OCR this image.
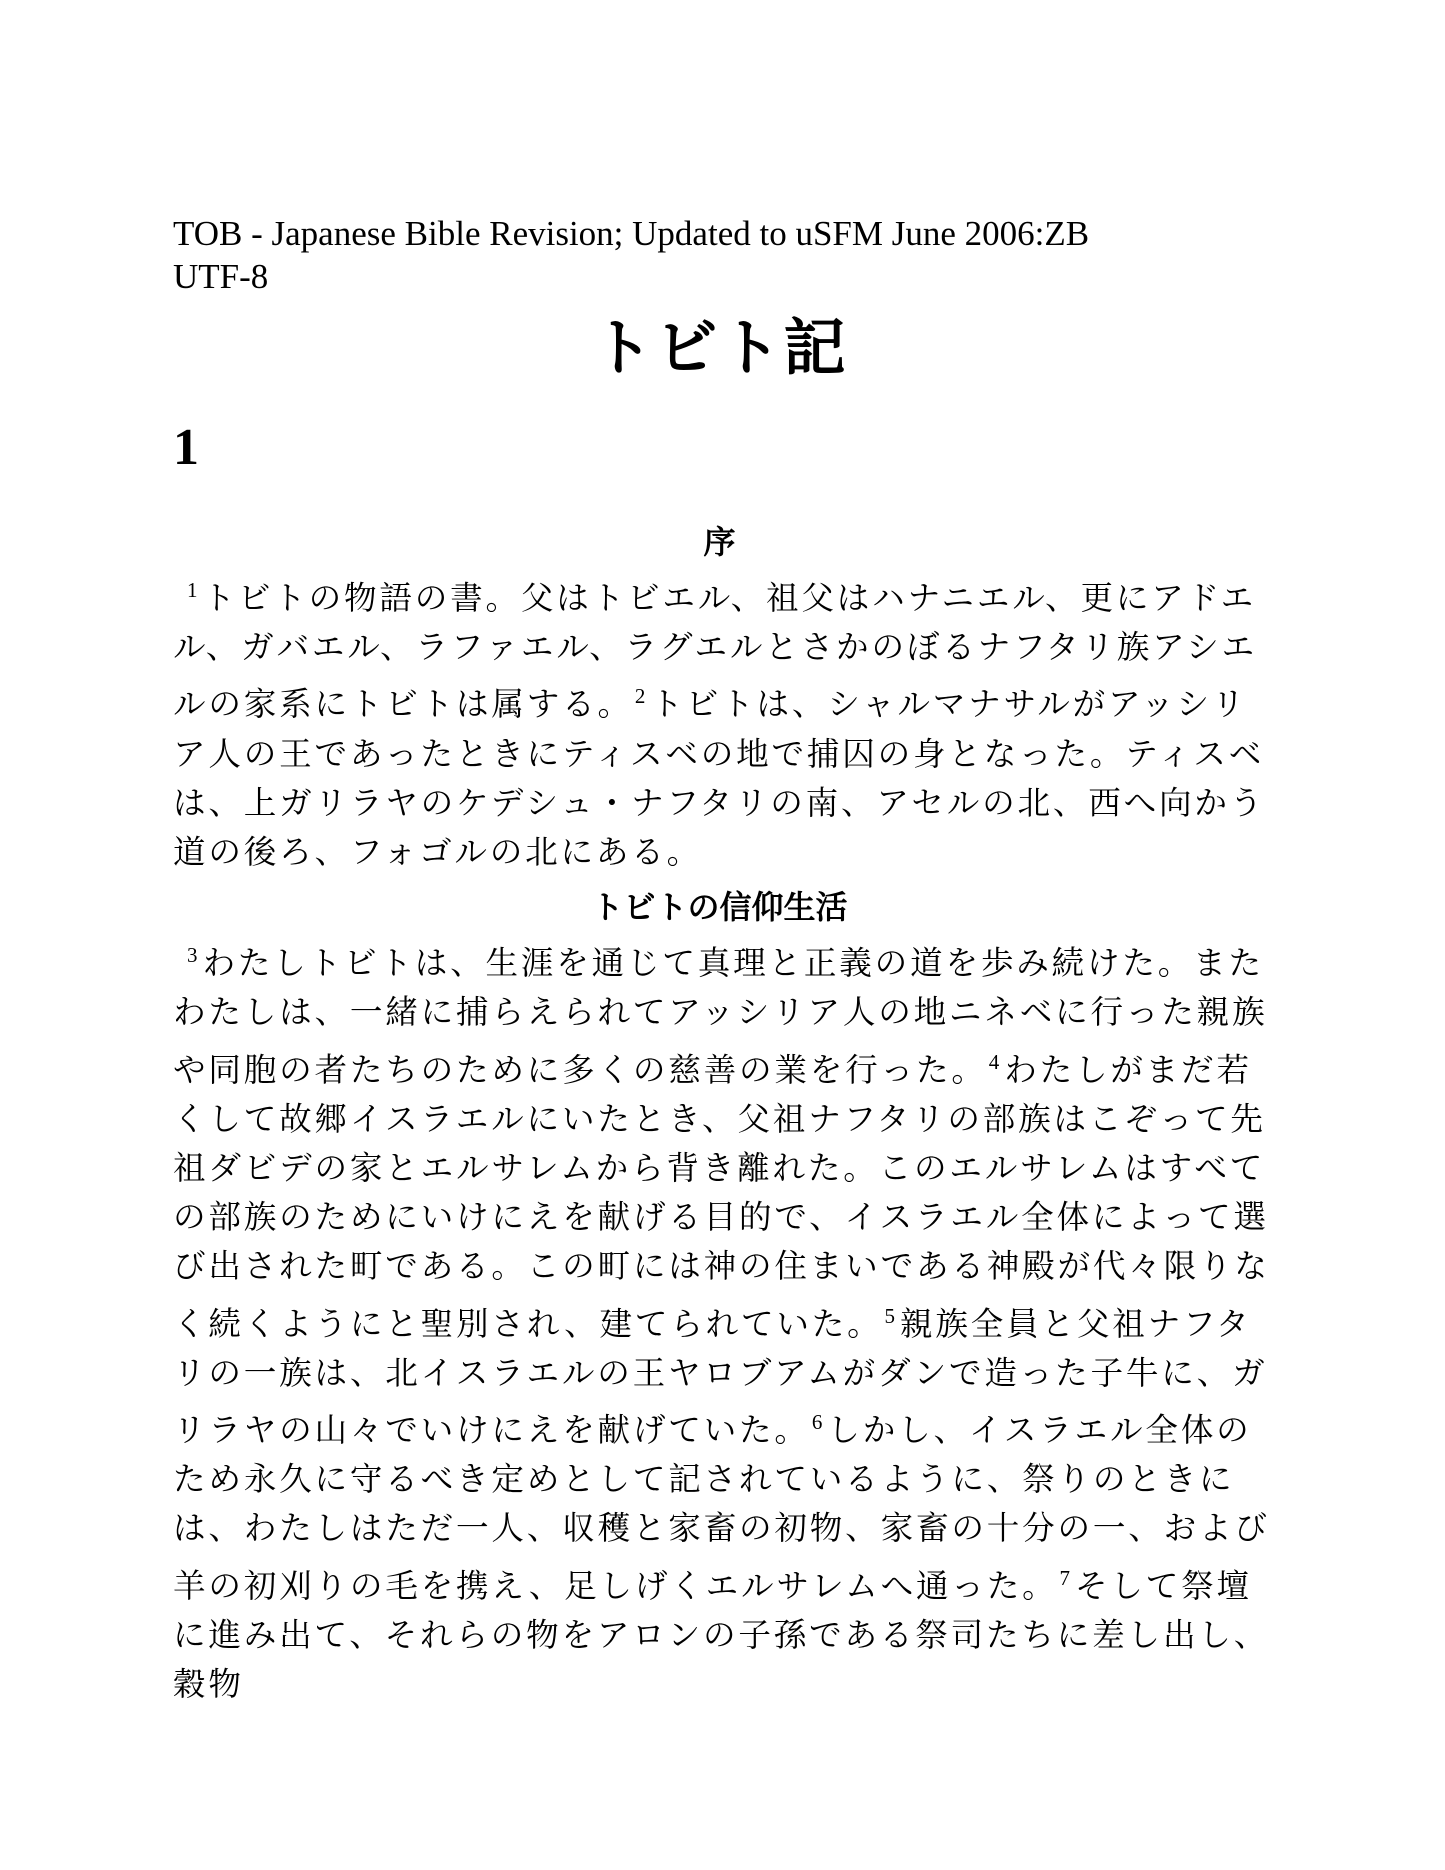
TOB - Japanese Bible Revision; Updated to uSFM June 2006:ZB
UTF-8

トビト記
1
序

$^1$ トビトの物語の書。父はトビエル、祖父はハナニエル、更にアドエル、ガバエル、ラファエル、ラグエルとさかのぼるナフタリ族アシエルの家系にトビトは属する。$^2$ トビトは、シャルマナサルがアッシリア人の王であったときにティスベの地で捕囚の身となった。ティスベは、上ガリラヤのケデシュ・ナフタリの南、アセルの北、西へ向かう道の後ろ、フォゴルの北にある。

トビトの信仰生活

$^3$ わたしトビトは、生涯を通じて真理と正義の道を歩み続けた。またわたしは、一緒に捕らえられてアッシリア人の地ニネベに行った親族や同胞の者たちのために多くの慈善の業を行った。$^4$ わたしがまだ若くして故郷イスラエルにいたとき、父祖ナフタリの部族はこぞって先祖ダビデの家とエルサレムから背き離れた。このエルサレムはすべての部族のためにいけにえを献げる目的で、イスラエル全体によって選び出された町である。この町には神の住まいである神殿が代々限りなく続くようにと聖別され、建てられていた。$^5$ 親族全員と父祖ナフタリの一族は、北イスラエルの王ヤロブアムがダンで造った子牛に、ガリラヤの山々でいけにえを献げていた。$^6$ しかし、イスラエル全体のため永久に守るべき定めとして記されているように、祭りのときには、わたしはただ一人、収穫と家畜の初物、家畜の十分の一、および羊の初刈りの毛を携え、足しげくエルサレムへ通った。$^7$ そして祭壇に進み出て、それらの物をアロンの子孫である祭司たちに差し出し、穀物
